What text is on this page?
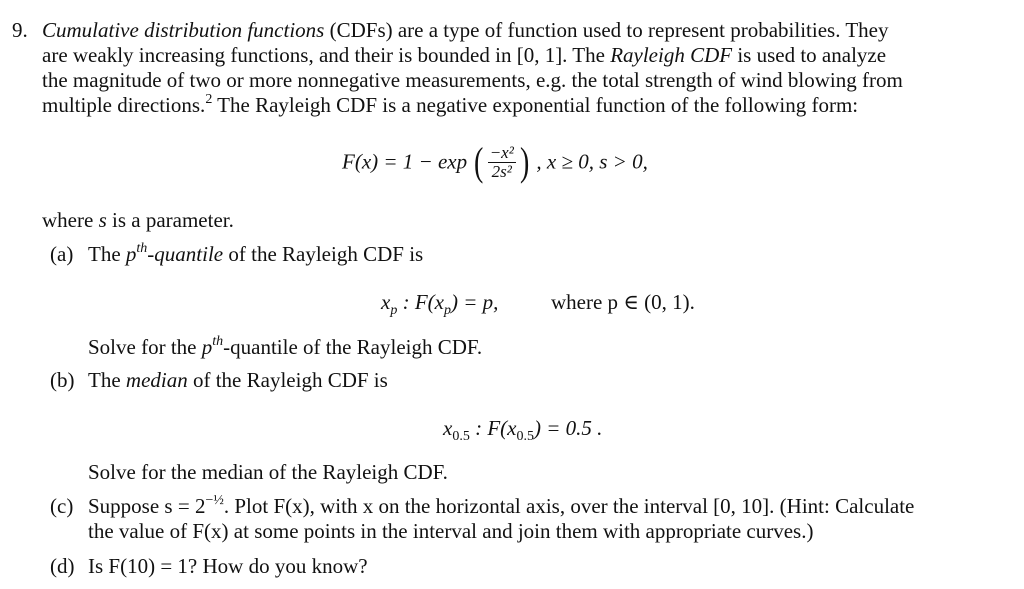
9. Cumulative distribution functions (CDFs) are a type of function used to represent probabilities. They
are weakly increasing functions, and their is bounded in [0, 1]. The Rayleigh CDF is used to analyze
the magnitude of two or more nonnegative measurements, e.g. the total strength of wind blowing from
multiple directions.$^2$ The Rayleigh CDF is a negative exponential function of the following form:
F(x) = 1 − exp ( $\frac{\text{−x²}}{\text{2s²}}$ ) , x ≥ 0, s > 0,
where s is a parameter.
(a) The $p^{th}$-quantile of the Rayleigh CDF is
$x_p$ : $F(x_p) = p$,	where p ∈ (0, 1).
Solve for the $p^{th}$-quantile of the Rayleigh CDF.
(b) The median of the Rayleigh CDF is
$x_{0.5}$ : $F(x_{0.5}) = 0.5$ .
Solve for the median of the Rayleigh CDF.
(c) Suppose $s = 2^{-\frac{1}{2}}$. Plot F(x), with x on the horizontal axis, over the interval [0, 10]. (Hint: Calculate
the value of F(x) at some points in the interval and join them with appropriate curves.)
(d) Is F(10) = 1? How do you know?
